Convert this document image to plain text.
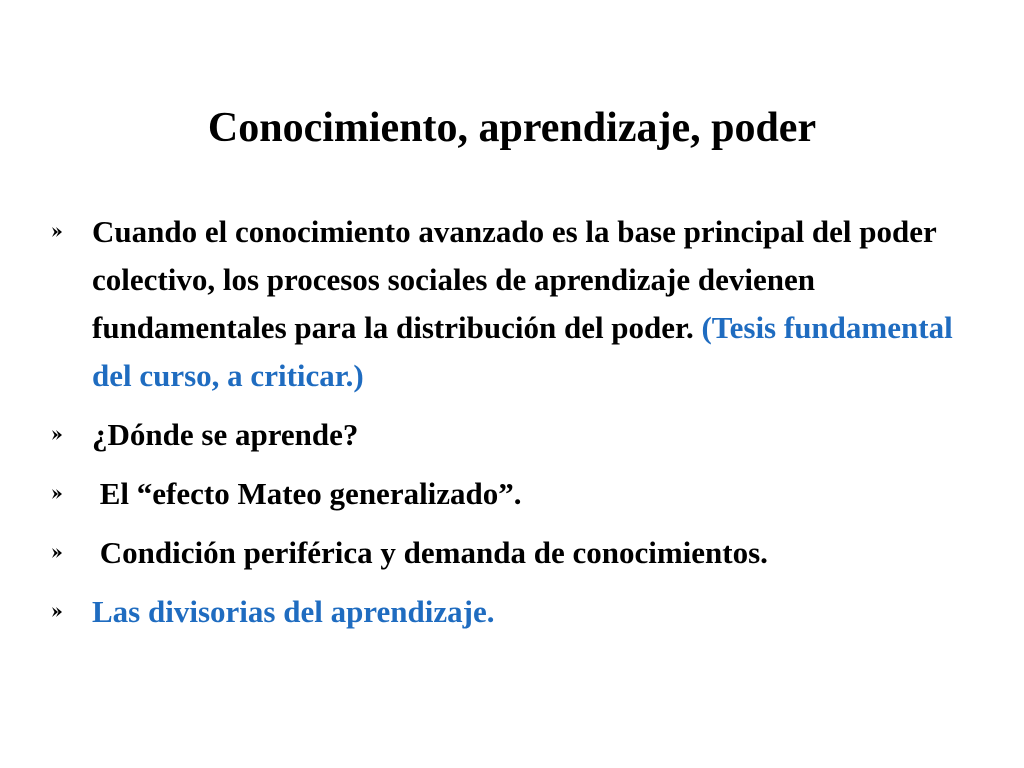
Conocimiento, aprendizaje, poder
Cuando el conocimiento avanzado es la base principal del poder colectivo, los procesos sociales de aprendizaje devienen fundamentales para la distribución del poder. (Tesis fundamental del curso, a criticar.)
¿Dónde se aprende?
El “efecto Mateo generalizado”.
Condición periférica y demanda de conocimientos.
Las divisorias del aprendizaje.
